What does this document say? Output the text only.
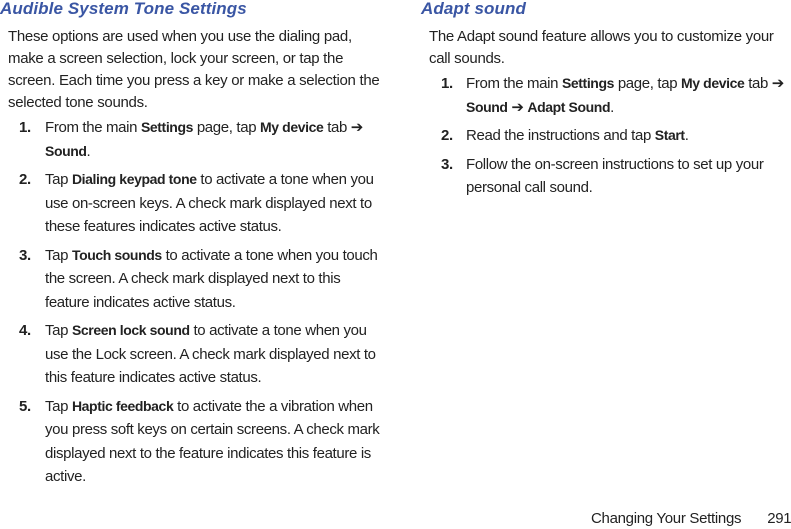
Audible System Tone Settings
These options are used when you use the dialing pad, make a screen selection, lock your screen, or tap the screen. Each time you press a key or make a selection the selected tone sounds.
1. From the main Settings page, tap My device tab ➔ Sound.
2. Tap Dialing keypad tone to activate a tone when you use on-screen keys. A check mark displayed next to these features indicates active status.
3. Tap Touch sounds to activate a tone when you touch the screen. A check mark displayed next to this feature indicates active status.
4. Tap Screen lock sound to activate a tone when you use the Lock screen. A check mark displayed next to this feature indicates active status.
5. Tap Haptic feedback to activate the a vibration when you press soft keys on certain screens. A check mark displayed next to the feature indicates this feature is active.
Adapt sound
The Adapt sound feature allows you to customize your call sounds.
1. From the main Settings page, tap My device tab ➔ Sound ➔ Adapt Sound.
2. Read the instructions and tap Start.
3. Follow the on-screen instructions to set up your personal call sound.
Changing Your Settings 291
